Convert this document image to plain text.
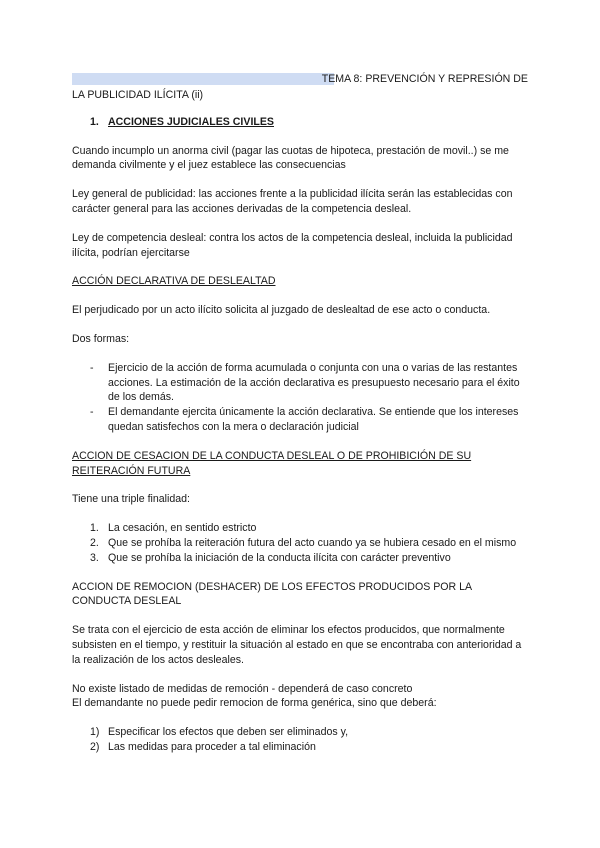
TEMA 8: PREVENCIÓN Y REPRESIÓN DE

LA PUBLICIDAD ILÍCITA (ii)

1. ACCIONES JUDICIALES CIVILES

Cuando incumplo un anorma civil (pagar las cuotas de hipoteca, prestación de movil..) se me demanda civilmente y el juez establece las consecuencias

Ley general de publicidad: las acciones frente a la publicidad ilícita serán las establecidas con carácter general para las acciones derivadas de la competencia desleal.

Ley de competencia desleal: contra los actos de la competencia desleal, incluida la publicidad ilícita, podrían ejercitarse

ACCIÓN DECLARATIVA DE DESLEALTAD

El perjudicado por un acto ilícito solicita al juzgado de deslealtad de ese acto o conducta.

Dos formas:

- Ejercicio de la acción de forma acumulada o conjunta con una o varias de las restantes acciones. La estimación de la acción declarativa es presupuesto necesario para el éxito de los demás.
- El demandante ejercita únicamente la acción declarativa. Se entiende que los intereses quedan satisfechos con la mera o declaración judicial

ACCION DE CESACION DE LA CONDUCTA DESLEAL O DE PROHIBICIÓN DE SU REITERACIÓN FUTURA

Tiene una triple finalidad:

1. La cesación, en sentido estricto
2. Que se prohíba la reiteración futura del acto cuando ya se hubiera cesado en el mismo
3. Que se prohíba la iniciación de la conducta ilícita con carácter preventivo

ACCION DE REMOCION (DESHACER) DE LOS EFECTOS PRODUCIDOS POR LA CONDUCTA DESLEAL

Se trata con el ejercicio de esta acción de eliminar los efectos producidos, que normalmente subsisten en el tiempo, y restituir la situación al estado en que se encontraba con anterioridad a la realización de los actos desleales.

No existe listado de medidas de remoción - dependerá de caso concreto

El demandante no puede pedir remocion de forma genérica, sino que deberá:

1) Especificar los efectos que deben ser eliminados y,
2) Las medidas para proceder a tal eliminación
